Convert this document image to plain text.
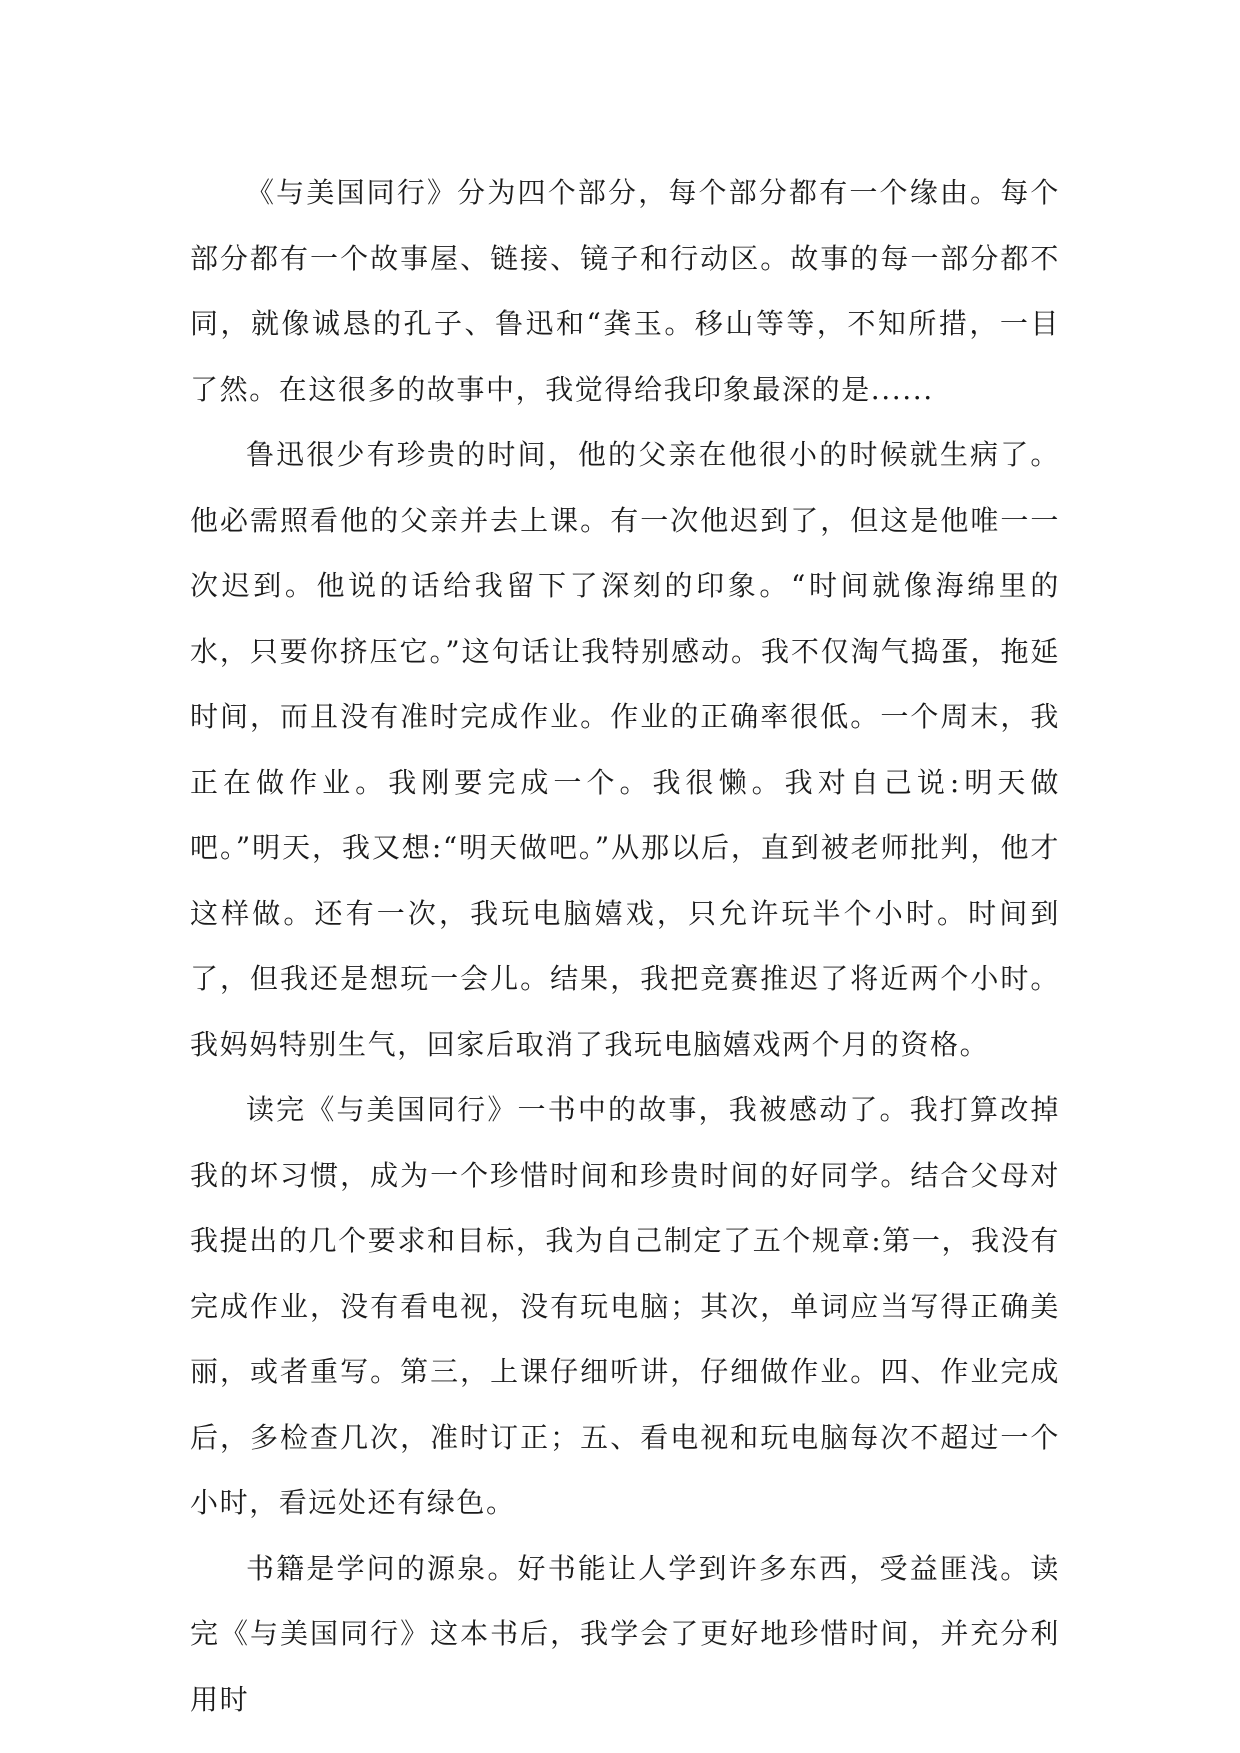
《与美国同行》分为四个部分，每个部分都有一个缘由。每个部分都有一个故事屋、链接、镜子和行动区。故事的每一部分都不同，就像诚恳的孔子、鲁迅和“龚玉。移山等等，不知所措，一目了然。在这很多的故事中，我觉得给我印象最深的是......

鲁迅很少有珍贵的时间，他的父亲在他很小的时候就生病了。他必需照看他的父亲并去上课。有一次他迟到了，但这是他唯一一次迟到。他说的话给我留下了深刻的印象。“时间就像海绵里的水，只要你挤压它。”这句话让我特别感动。我不仅淘气捣蛋，拖延时间，而且没有准时完成作业。作业的正确率很低。一个周末，我正在做作业。我刚要完成一个。我很懒。我对自己说:明天做吧。”明天，我又想:“明天做吧。”从那以后，直到被老师批判，他才这样做。还有一次，我玩电脑嬉戏，只允许玩半个小时。时间到了，但我还是想玩一会儿。结果，我把竞赛推迟了将近两个小时。我妈妈特别生气，回家后取消了我玩电脑嬉戏两个月的资格。

读完《与美国同行》一书中的故事，我被感动了。我打算改掉我的坏习惯，成为一个珍惜时间和珍贵时间的好同学。结合父母对我提出的几个要求和目标，我为自己制定了五个规章:第一，我没有完成作业，没有看电视，没有玩电脑；其次，单词应当写得正确美丽，或者重写。第三，上课仔细听讲，仔细做作业。四、作业完成后，多检查几次，准时订正；五、看电视和玩电脑每次不超过一个小时，看远处还有绿色。

书籍是学问的源泉。好书能让人学到许多东西，受益匪浅。读完《与美国同行》这本书后，我学会了更好地珍惜时间，并充分利用时
